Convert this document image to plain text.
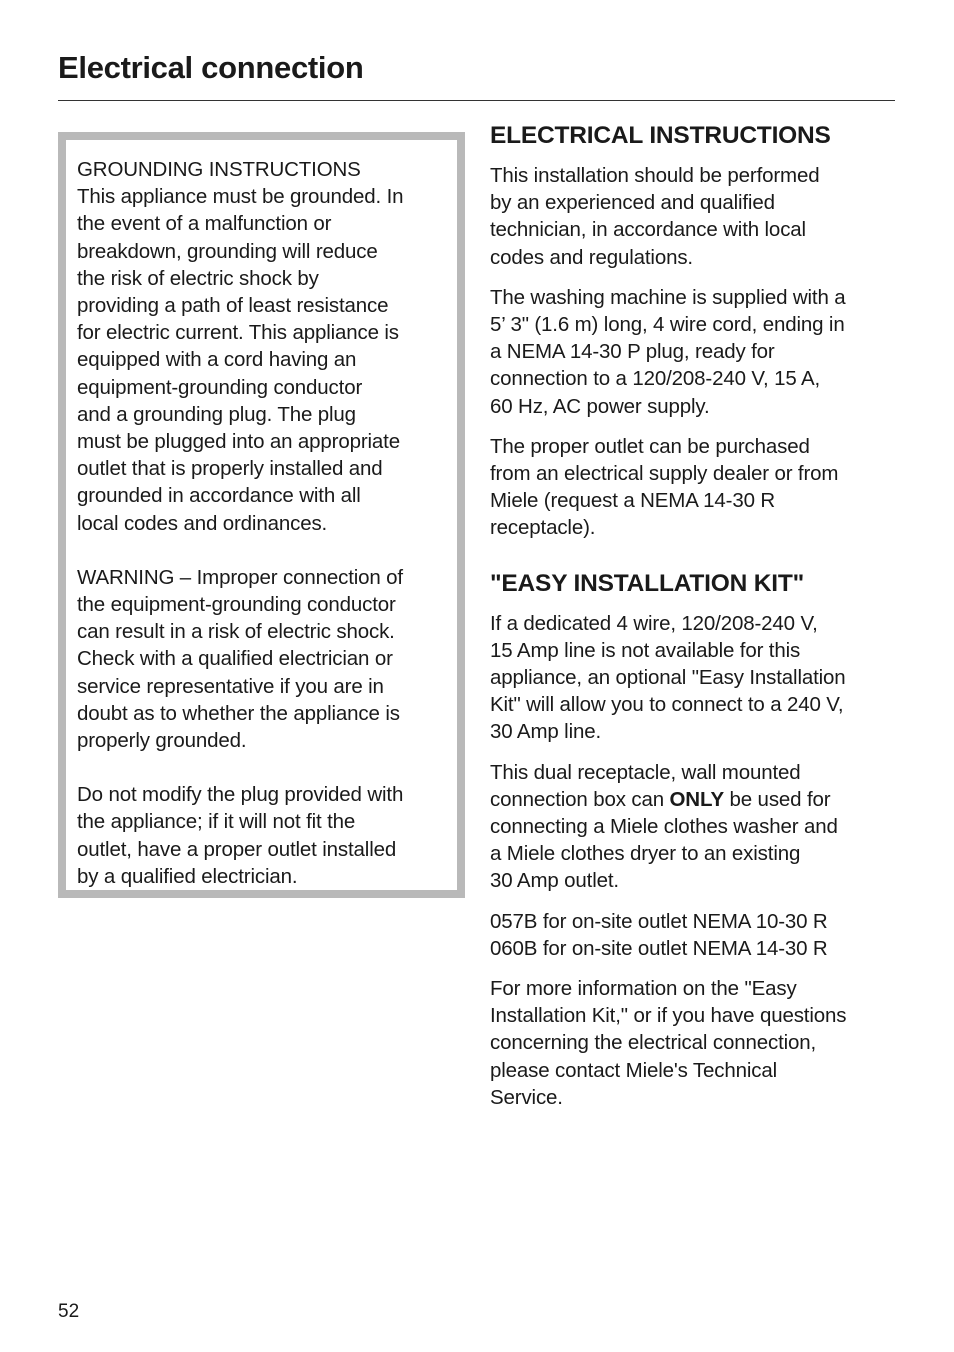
Electrical connection

GROUNDING INSTRUCTIONS
This appliance must be grounded. In
the event of a malfunction or
breakdown, grounding will reduce
the risk of electric shock by
providing a path of least resistance
for electric current. This appliance is
equipped with a cord having an
equipment-grounding conductor
and a grounding plug. The plug
must be plugged into an appropriate
outlet that is properly installed and
grounded in accordance with all
local codes and ordinances.

WARNING – Improper connection of
the equipment-grounding conductor
can result in a risk of electric shock.
Check with a qualified electrician or
service representative if you are in
doubt as to whether the appliance is
properly grounded.

Do not modify the plug provided with
the appliance; if it will not fit the
outlet, have a proper outlet installed
by a qualified electrician.

ELECTRICAL INSTRUCTIONS

This installation should be performed
by an experienced and qualified
technician, in accordance with local
codes and regulations.

The washing machine is supplied with a
5’ 3" (1.6 m) long, 4 wire cord, ending in
a NEMA 14-30 P plug, ready for
connection to a 120/208-240 V, 15 A,
60 Hz, AC power supply.

The proper outlet can be purchased
from an electrical supply dealer or from
Miele (request a NEMA 14-30 R
receptacle).

"EASY INSTALLATION KIT"

If a dedicated 4 wire, 120/208-240 V,
15 Amp line is not available for this
appliance, an optional "Easy Installation
Kit" will allow you to connect to a 240 V,
30 Amp line.

This dual receptacle, wall mounted
connection box can ONLY be used for
connecting a Miele clothes washer and
a Miele clothes dryer to an existing
30 Amp outlet.

057B for on-site outlet NEMA 10-30 R
060B for on-site outlet NEMA 14-30 R

For more information on the "Easy
Installation Kit," or if you have questions
concerning the electrical connection,
please contact Miele's Technical
Service.

52
